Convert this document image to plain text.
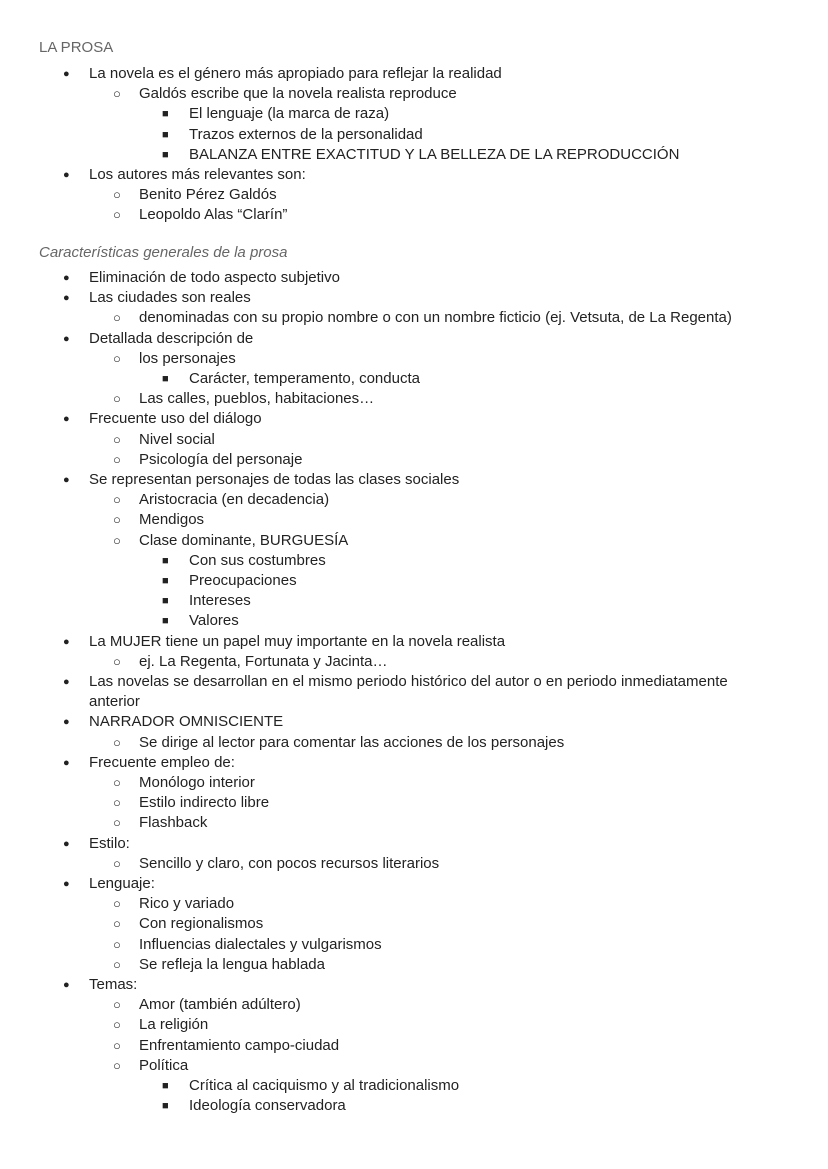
LA PROSA
Características generales de la prosa
● La novela es el género más apropiado para reflejar la realidad
○ Galdós escribe que la novela realista reproduce
■ El lenguaje (la marca de raza)
■ Trazos externos de la personalidad
■ BALANZA ENTRE EXACTITUD Y LA BELLEZA DE LA REPRODUCCIÓN
● Los autores más relevantes son:
○ Benito Pérez Galdós
○ Leopoldo Alas “Clarín”
● Eliminación de todo aspecto subjetivo
● Las ciudades son reales
○ denominadas con su propio nombre o con un nombre ficticio (ej. Vetsuta, de La Regenta)
● Detallada descripción de
○ los personajes
■ Carácter, temperamento, conducta
○ Las calles, pueblos, habitaciones…
● Frecuente uso del diálogo
○ Nivel social
○ Psicología del personaje
● Se representan personajes de todas las clases sociales
○ Aristocracia (en decadencia)
○ Mendigos
○ Clase dominante, BURGUESÍA
■ Con sus costumbres
■ Preocupaciones
■ Intereses
■ Valores
● La MUJER tiene un papel muy importante en la novela realista
○ ej. La Regenta, Fortunata y Jacinta…
● Las novelas se desarrollan en el mismo periodo histórico del autor o en periodo inmediatamente
anterior
● NARRADOR OMNISCIENTE
○ Se dirige al lector para comentar las acciones de los personajes
● Frecuente empleo de:
○ Monólogo interior
○ Estilo indirecto libre
○ Flashback
● Estilo:
○ Sencillo y claro, con pocos recursos literarios
● Lenguaje:
○ Rico y variado
○ Con regionalismos
○ Influencias dialectales y vulgarismos
○ Se refleja la lengua hablada
● Temas:
○ Amor (también adúltero)
○ La religión
○ Enfrentamiento campo-ciudad
○ Política
■ Crítica al caciquismo y al tradicionalismo
■ Ideología conservadora
